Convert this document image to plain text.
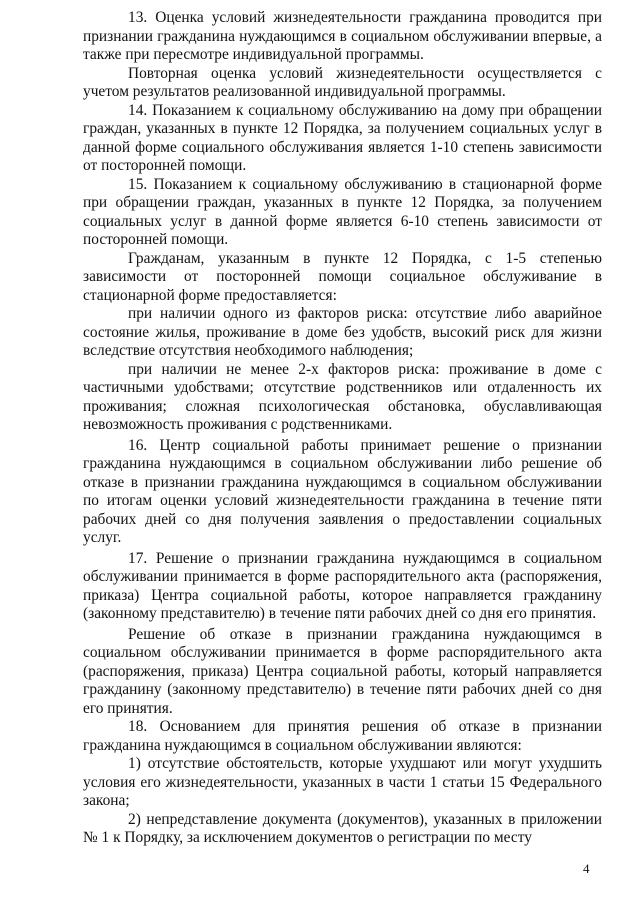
13. Оценка условий жизнедеятельности гражданина проводится при признании гражданина нуждающимся в социальном обслуживании впервые, а также при пересмотре индивидуальной программы.

Повторная оценка условий жизнедеятельности осуществляется с учетом результатов реализованной индивидуальной программы.

14. Показанием к социальному обслуживанию на дому при обращении граждан, указанных в пункте 12 Порядка, за получением социальных услуг в данной форме социального обслуживания является 1-10 степень зависимости от посторонней помощи.

15. Показанием к социальному обслуживанию в стационарной форме при обращении граждан, указанных в пункте 12 Порядка, за получением социальных услуг в данной форме является 6-10 степень зависимости от посторонней помощи.

Гражданам, указанным в пункте 12 Порядка, с 1-5 степенью зависимости от посторонней помощи социальное обслуживание в стационарной форме предоставляется:

при наличии одного из факторов риска: отсутствие либо аварийное состояние жилья, проживание в доме без удобств, высокий риск для жизни вследствие отсутствия необходимого наблюдения;

при наличии не менее 2-х факторов риска: проживание в доме с частичными удобствами; отсутствие родственников или отдаленность их проживания; сложная психологическая обстановка, обуславливающая невозможность проживания с родственниками.

16. Центр социальной работы принимает решение о признании гражданина нуждающимся в социальном обслуживании либо решение об отказе в признании гражданина нуждающимся в социальном обслуживании по итогам оценки условий жизнедеятельности гражданина в течение пяти рабочих дней со дня получения заявления о предоставлении социальных услуг.

17. Решение о признании гражданина нуждающимся в социальном обслуживании принимается в форме распорядительного акта (распоряжения, приказа) Центра социальной работы, которое направляется гражданину (законному представителю) в течение пяти рабочих дней со дня его принятия.

Решение об отказе в признании гражданина нуждающимся в социальном обслуживании принимается в форме распорядительного акта (распоряжения, приказа) Центра социальной работы, который направляется гражданину (законному представителю) в течение пяти рабочих дней со дня его принятия.

18. Основанием для принятия решения об отказе в признании гражданина нуждающимся в социальном обслуживании являются:

1) отсутствие обстоятельств, которые ухудшают или могут ухудшить условия его жизнедеятельности, указанных в части 1 статьи 15 Федерального закона;

2) непредставление документа (документов), указанных в приложении № 1 к Порядку, за исключением документов о регистрации по месту

4
